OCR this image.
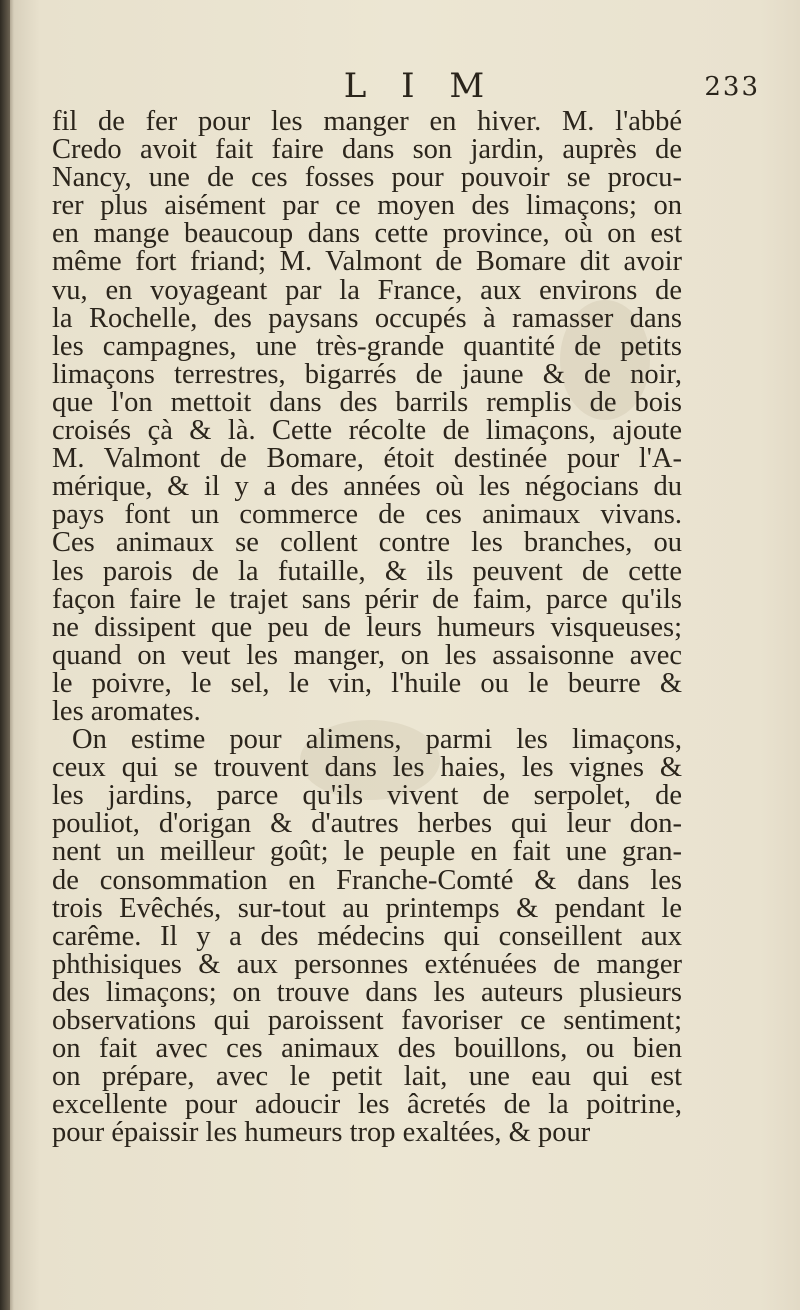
L I M	233
fil de fer pour les manger en hiver. M. l'abbé
Credo avoit fait faire dans son jardin, auprès de
Nancy, une de ces fosses pour pouvoir se procu-
rer plus aisément par ce moyen des limaçons; on
en mange beaucoup dans cette province, où on est
même fort friand; M. Valmont de Bomare dit avoir
vu, en voyageant par la France, aux environs de
la Rochelle, des paysans occupés à ramasser dans
les campagnes, une très-grande quantité de petits
limaçons terrestres, bigarrés de jaune & de noir,
que l'on mettoit dans des barrils remplis de bois
croisés çà & là. Cette récolte de limaçons, ajoute
M. Valmont de Bomare, étoit destinée pour l'A-
mérique, & il y a des années où les négocians du
pays font un commerce de ces animaux vivans.
Ces animaux se collent contre les branches, ou
les parois de la futaille, & ils peuvent de cette
façon faire le trajet sans périr de faim, parce qu'ils
ne dissipent que peu de leurs humeurs visqueuses;
quand on veut les manger, on les assaisonne avec
le poivre, le sel, le vin, l'huile ou le beurre &
les aromates.
On estime pour alimens, parmi les limaçons,
ceux qui se trouvent dans les haies, les vignes &
les jardins, parce qu'ils vivent de serpolet, de
pouliot, d'origan & d'autres herbes qui leur don-
nent un meilleur goût; le peuple en fait une gran-
de consommation en Franche-Comté & dans les
trois Evêchés, sur-tout au printemps & pendant le
carême. Il y a des médecins qui conseillent aux
phthisiques & aux personnes exténuées de manger
des limaçons; on trouve dans les auteurs plusieurs
observations qui paroissent favoriser ce sentiment;
on fait avec ces animaux des bouillons, ou bien
on prépare, avec le petit lait, une eau qui est
excellente pour adoucir les âcretés de la poitrine,
pour épaissir les humeurs trop exaltées, & pour
